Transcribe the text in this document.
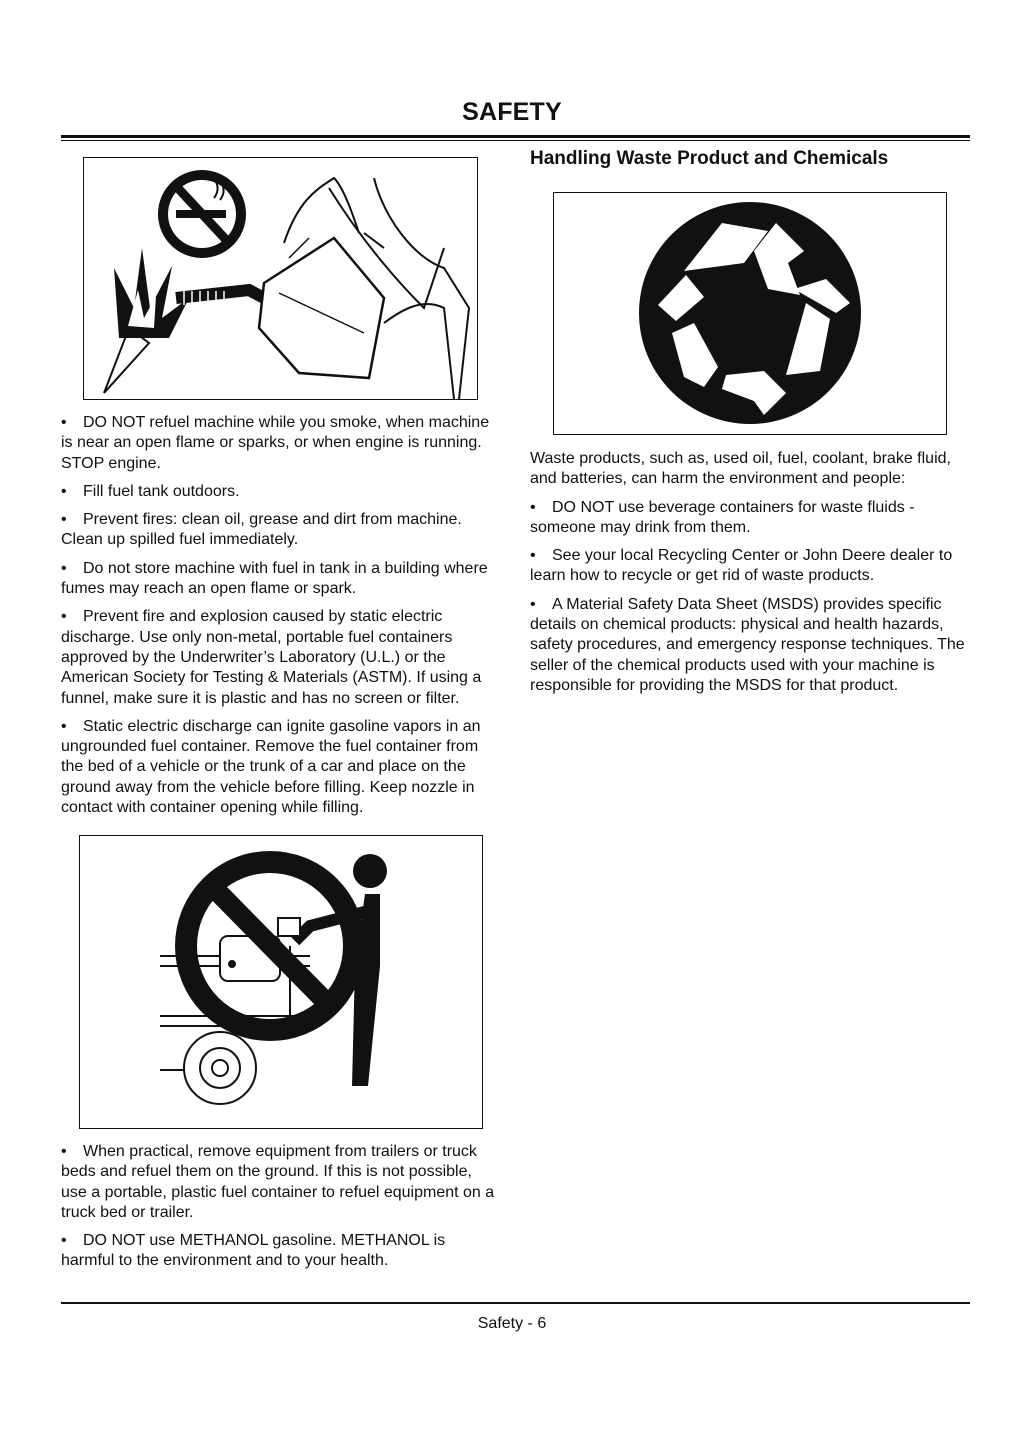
SAFETY

• DO NOT refuel machine while you smoke, when machine is near an open flame or sparks, or when engine is running. STOP engine.

• Fill fuel tank outdoors.

• Prevent fires: clean oil, grease and dirt from machine. Clean up spilled fuel immediately.

• Do not store machine with fuel in tank in a building where fumes may reach an open flame or spark.

• Prevent fire and explosion caused by static electric discharge. Use only non-metal, portable fuel containers approved by the Underwriter’s Laboratory (U.L.) or the American Society for Testing & Materials (ASTM). If using a funnel, make sure it is plastic and has no screen or filter.

• Static electric discharge can ignite gasoline vapors in an ungrounded fuel container. Remove the fuel container from the bed of a vehicle or the trunk of a car and place on the ground away from the vehicle before filling. Keep nozzle in contact with container opening while filling.

• When practical, remove equipment from trailers or truck beds and refuel them on the ground. If this is not possible, use a portable, plastic fuel container to refuel equipment on a truck bed or trailer.

• DO NOT use METHANOL gasoline. METHANOL is harmful to the environment and to your health.

Handling Waste Product and Chemicals

Waste products, such as, used oil, fuel, coolant, brake fluid, and batteries, can harm the environment and people:

• DO NOT use beverage containers for waste fluids - someone may drink from them.

• See your local Recycling Center or John Deere dealer to learn how to recycle or get rid of waste products.

• A Material Safety Data Sheet (MSDS) provides specific details on chemical products: physical and health hazards, safety procedures, and emergency response techniques. The seller of the chemical products used with your machine is responsible for providing the MSDS for that product.

Safety - 6
